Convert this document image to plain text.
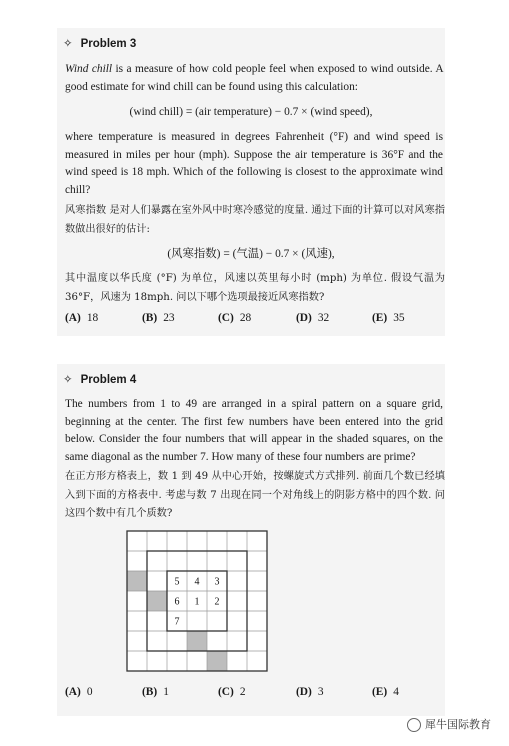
✧ Problem 3
Wind chill is a measure of how cold people feel when exposed to wind outside. A good estimate for wind chill can be found using this calculation:
(wind chill) = (air temperature) − 0.7 × (wind speed),
where temperature is measured in degrees Fahrenheit (°F) and wind speed is measured in miles per hour (mph). Suppose the air temperature is 36°F and the wind speed is 18 mph. Which of the following is closest to the approximate wind chill?
风寒指数 是对人们暴露在室外风中时寒冷感觉的度量. 通过下面的计算可以对风寒指数做出很好的估计:
(风寒指数) = (气温) − 0.7 × (风速),
其中温度以华氏度 (°F) 为单位，风速以英里每小时 (mph) 为单位. 假设气温为 36°F，风速为 18mph. 问以下哪个选项最接近风寒指数?
(A) 18	(B) 23	(C) 28	(D) 32	(E) 35
✧ Problem 4
The numbers from 1 to 49 are arranged in a spiral pattern on a square grid, beginning at the center. The first few numbers have been entered into the grid below. Consider the four numbers that will appear in the shaded squares, on the same diagonal as the number 7. How many of these four numbers are prime?
在正方形方格表上，数 1 到 49 从中心开始，按螺旋式方式排列. 前面几个数已经填入到下面的方格表中. 考虑与数 7 出现在同一个对角线上的阴影方格中的四个数. 问这四个数中有几个质数?
(A) 0	(B) 1	(C) 2	(D) 3	(E) 4
5 4 3
6 1 2
7
犀牛国际教育
